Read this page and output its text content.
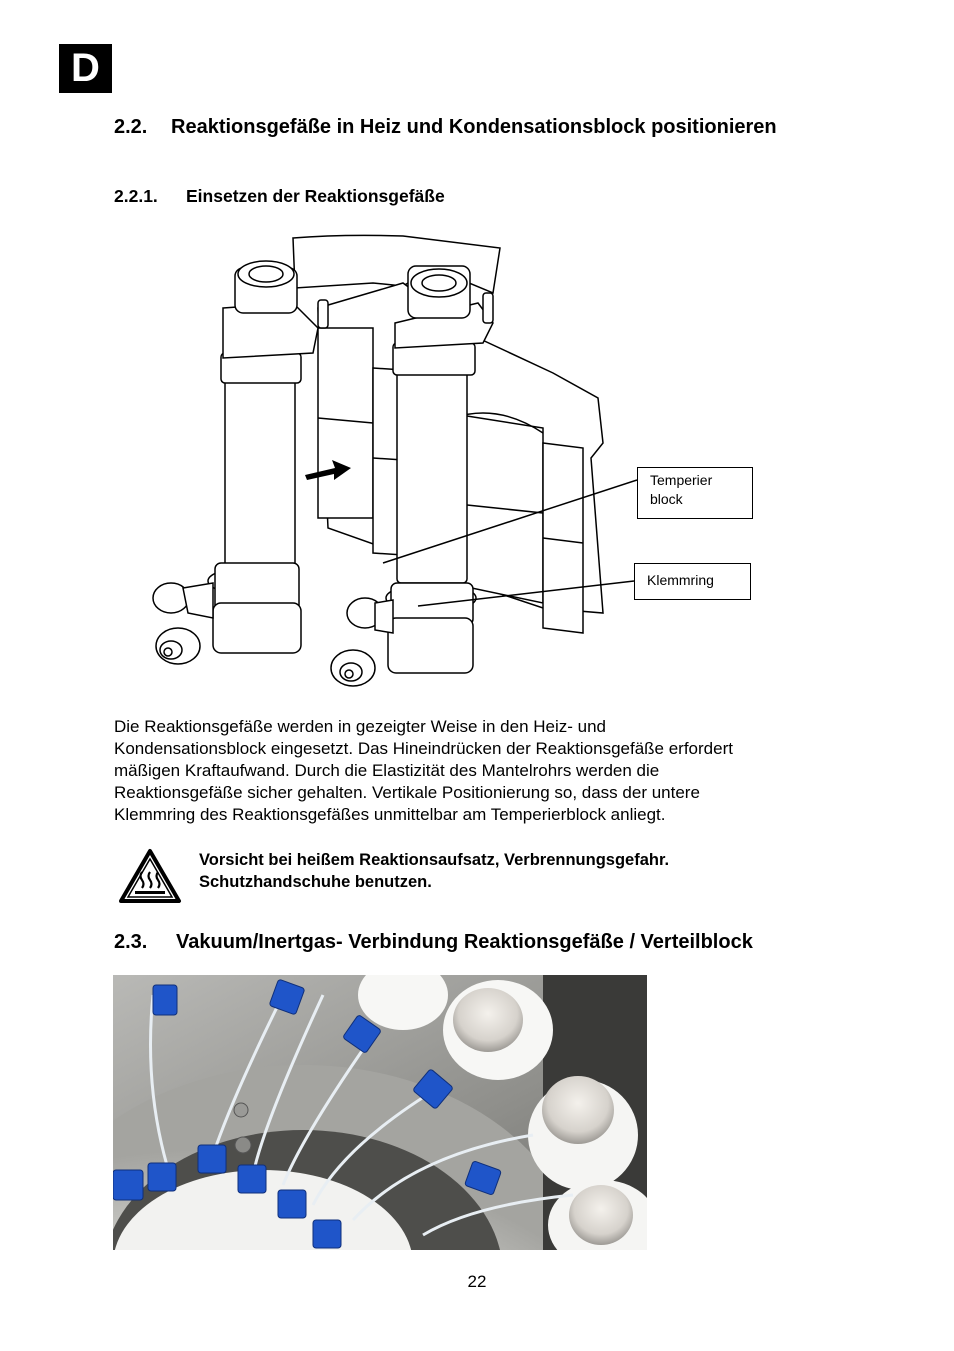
D
2.2. Reaktionsgefäße in Heiz und Kondensationsblock positionieren
2.2.1. Einsetzen der Reaktionsgefäße
Temperier block
Klemmring

Die Reaktionsgefäße werden in gezeigter Weise in den Heiz- und

Kondensationsblock eingesetzt. Das Hineindrücken der Reaktionsgefäße erfordert

mäßigen Kraftaufwand. Durch die Elastizität des Mantelrohrs werden die

Reaktionsgefäße sicher gehalten. Vertikale Positionierung so, dass der untere

Klemmring des Reaktionsgefäßes unmittelbar am Temperierblock anliegt.

Vorsicht bei heißem Reaktionsaufsatz, Verbrennungsgefahr.

Schutzhandschuhe benutzen.

2.3. Vakuum/Inertgas- Verbindung Reaktionsgefäße / Verteilblock
22
